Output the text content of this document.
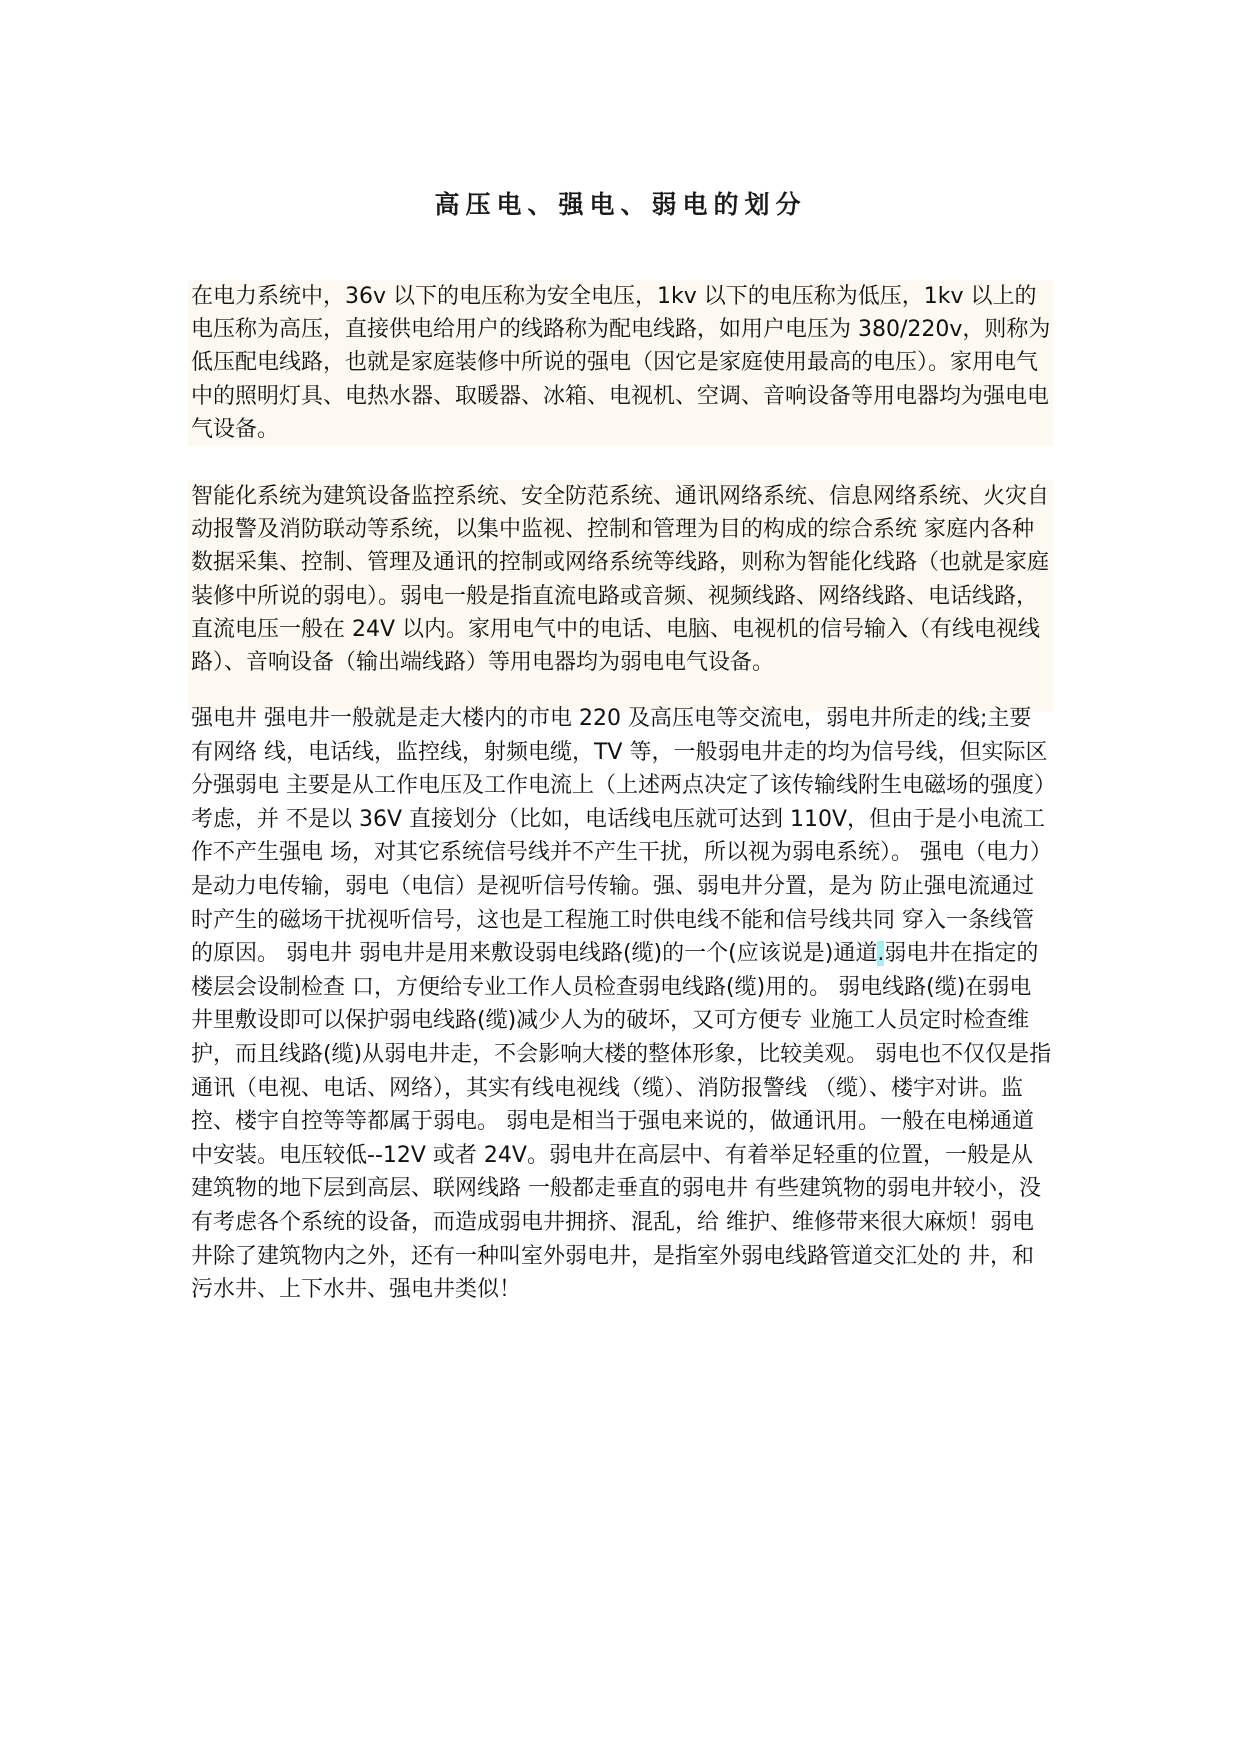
高压电、强电、弱电的划分

在电力系统中，36v 以下的电压称为安全电压，1kv 以下的电压称为低压，1kv 以上的电压称为高压，直接供电给用户的线路称为配电线路，如用户电压为 380/220v，则称为低压配电线路，也就是家庭装修中所说的强电（因它是家庭使用最高的电压）。家用电气中的照明灯具、电热水器、取暖器、冰箱、电视机、空调、音响设备等用电器均为强电电气设备。

智能化系统为建筑设备监控系统、安全防范系统、通讯网络系统、信息网络系统、火灾自动报警及消防联动等系统，以集中监视、控制和管理为目的构成的综合系统 家庭内各种数据采集、控制、管理及通讯的控制或网络系统等线路，则称为智能化线路（也就是家庭装修中所说的弱电）。弱电一般是指直流电路或音频、视频线路、网络线路、电话线路，直流电压一般在 24V 以内。家用电气中的电话、电脑、电视机的信号输入（有线电视线路）、音响设备（输出端线路）等用电器均为弱电电气设备。

强电井 强电井一般就是走大楼内的市电 220 及高压电等交流电，弱电井所走的线;主要有网络 线，电话线，监控线，射频电缆，TV 等，一般弱电井走的均为信号线，但实际区分强弱电 主要是从工作电压及工作电流上（上述两点决定了该传输线附生电磁场的强度）考虑，并 不是以 36V 直接划分（比如，电话线电压就可达到 110V，但由于是小电流工作不产生强电 场，对其它系统信号线并不产生干扰，所以视为弱电系统）。 强电（电力）是动力电传输，弱电（电信）是视听信号传输。强、弱电井分置，是为 防止强电流通过时产生的磁场干扰视听信号，这也是工程施工时供电线不能和信号线共同 穿入一条线管的原因。 弱电井 弱电井是用来敷设弱电线路(缆)的一个(应该说是)通道.弱电井在指定的楼层会设制检查 口，方便给专业工作人员检查弱电线路(缆)用的。 弱电线路(缆)在弱电井里敷设即可以保护弱电线路(缆)减少人为的破坏，又可方便专 业施工人员定时检查维护，而且线路(缆)从弱电井走，不会影响大楼的整体形象，比较美观。 弱电也不仅仅是指通讯（电视、电话、网络），其实有线电视线（缆）、消防报警线 （缆）、楼宇对讲。监控、楼宇自控等等都属于弱电。 弱电是相当于强电来说的，做通讯用。一般在电梯通道中安装。电压较低--12V 或者 24V。弱电井在高层中、有着举足轻重的位置，一般是从建筑物的地下层到高层、联网线路 一般都走垂直的弱电井 有些建筑物的弱电井较小，没有考虑各个系统的设备，而造成弱电井拥挤、混乱，给 维护、维修带来很大麻烦！弱电井除了建筑物内之外，还有一种叫室外弱电井，是指室外弱电线路管道交汇处的 井，和污水井、上下水井、强电井类似！
